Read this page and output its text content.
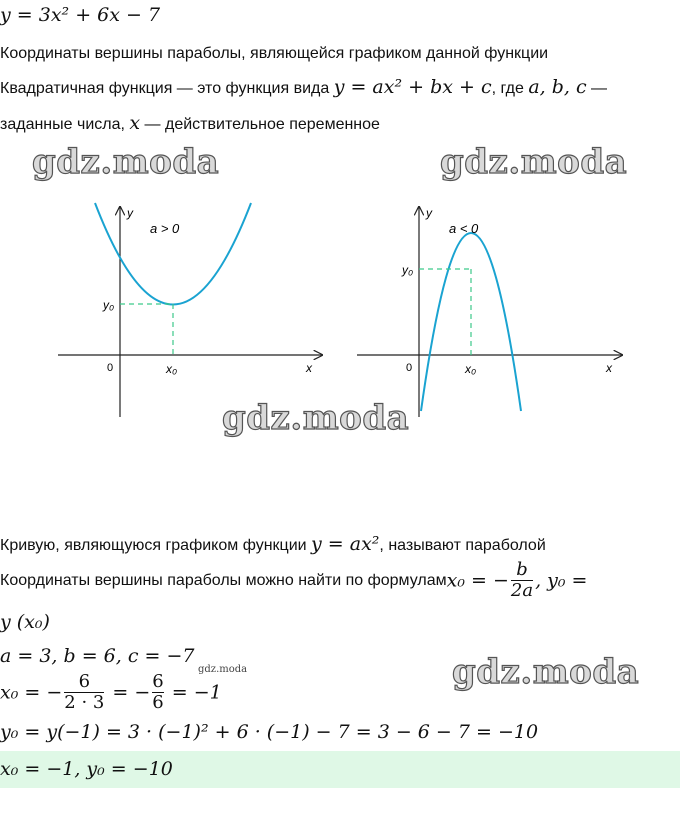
y = 3x² + 6x − 7
Координаты вершины параболы, являющейся графиком данной функции
Квадратичная функция — это функция вида y = ax² + bx + c, где a, b, c —
заданные числа, x — действительное переменное
gdz.moda	gdz.moda
a > 0
y
x
0
y₀
x₀
a < 0
y
x
0
y₀
x₀
gdz.moda
Кривую, являющуюся графиком функции y = ax², называют параболой
Координаты вершины параболы можно найти по формуламx₀ = − $\frac{b}{2a}$ , y₀ =
y (x₀)
a = 3, b = 6, c = −7
gdz.moda	gdz.moda
x₀ = − $\frac{6}{2 \cdot 3}$ = − $\frac{6}{6} = -1$
y₀ = y(−1) = 3 · (−1)² + 6 · (−1) − 7 = 3 − 6 − 7 = −10
x₀ = −1, y₀ = −10
